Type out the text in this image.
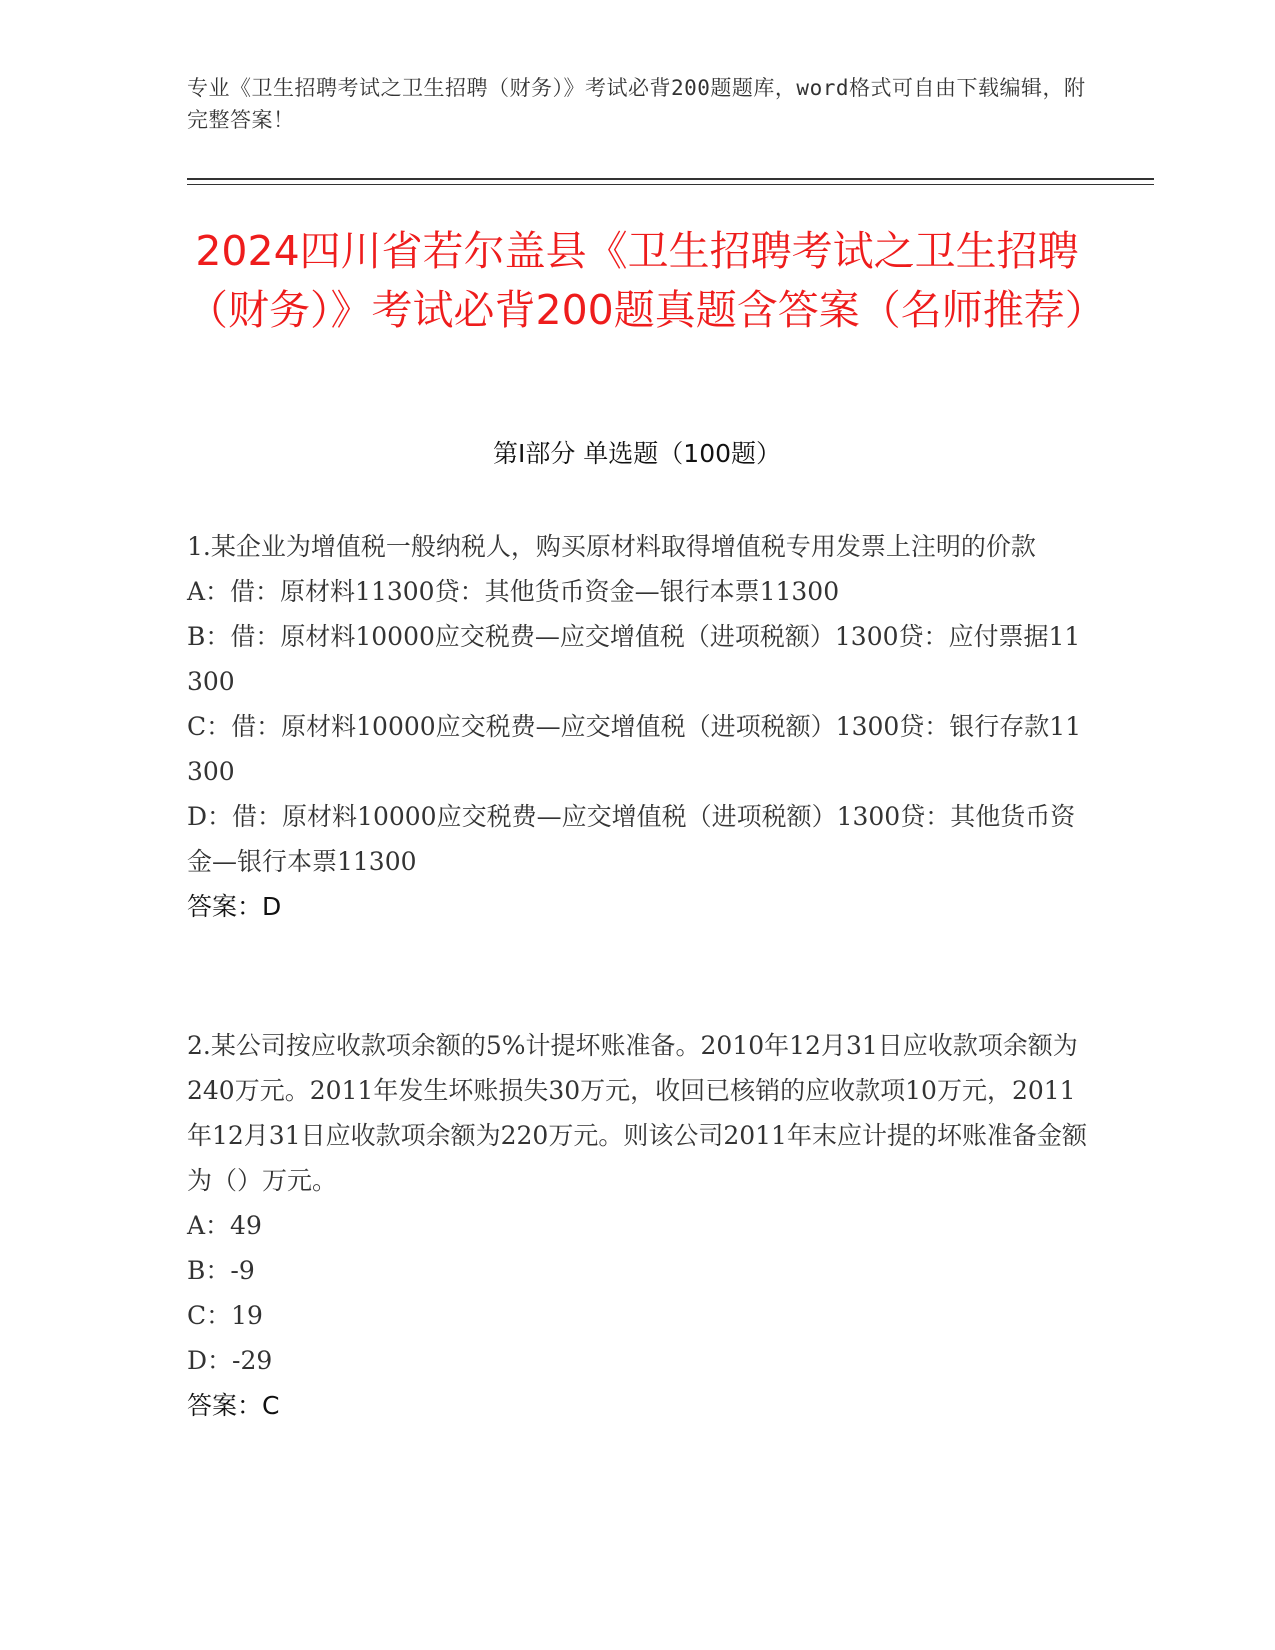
专业《卫生招聘考试之卫生招聘（财务）》考试必背200题题库，word格式可自由下载编辑，附完整答案！
2024四川省若尔盖县《卫生招聘考试之卫生招聘（财务）》考试必背200题真题含答案（名师推荐）
第Ⅰ部分 单选题（100题）
1.某企业为增值税一般纳税人，购买原材料取得增值税专用发票上注明的价款
A：借：原材料11300贷：其他货币资金—银行本票11300
B：借：原材料10000应交税费—应交增值税（进项税额）1300贷：应付票据11300
C：借：原材料10000应交税费—应交增值税（进项税额）1300贷：银行存款11300
D：借：原材料10000应交税费—应交增值税（进项税额）1300贷：其他货币资金—银行本票11300
答案：D
2.某公司按应收款项余额的5%计提坏账准备。2010年12月31日应收款项余额为240万元。2011年发生坏账损失30万元，收回已核销的应收款项10万元，2011年12月31日应收款项余额为220万元。则该公司2011年末应计提的坏账准备金额为（）万元。
A：49
B：-9
C：19
D：-29
答案：C
